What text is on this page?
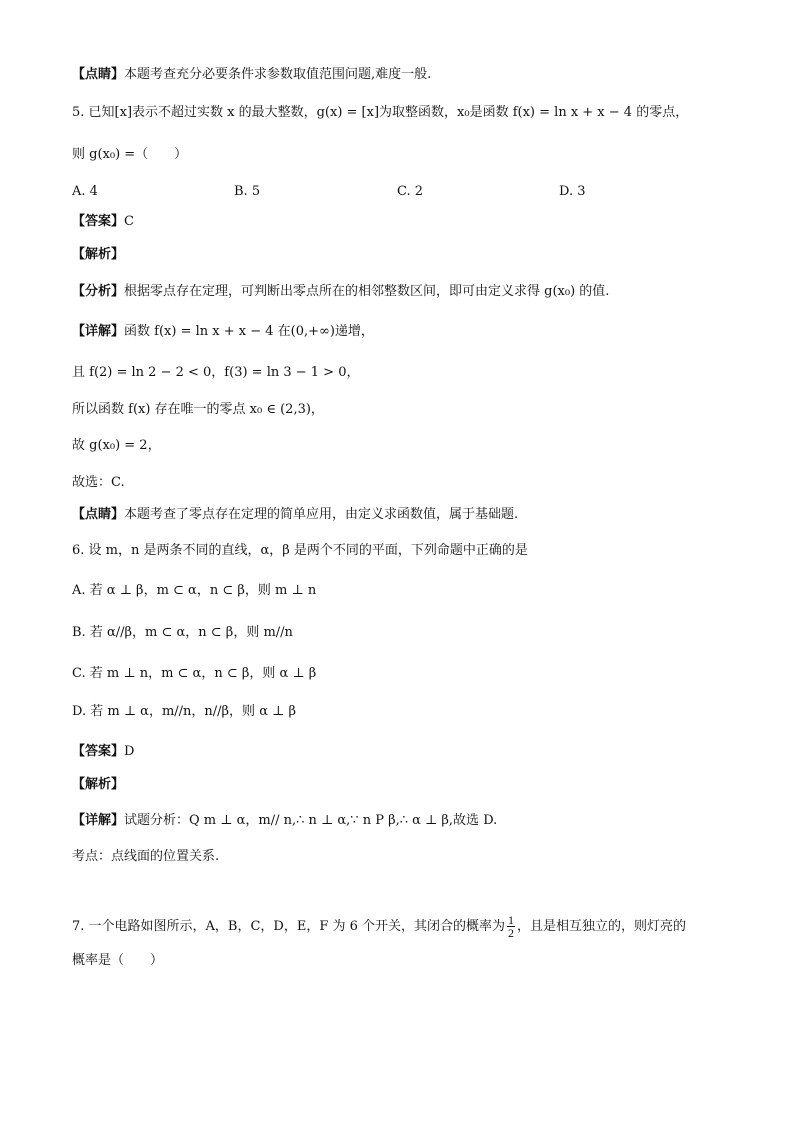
【点睛】本题考查充分必要条件求参数取值范围问题,难度一般.
5. 已知[x]表示不超过实数 x 的最大整数，g(x) = [x]为取整函数，x₀是函数 f(x) = ln x + x − 4 的零点，
则 g(x₀) =（　　）
A. 4	B. 5	C. 2	D. 3
【答案】C
【解析】
【分析】根据零点存在定理，可判断出零点所在的相邻整数区间，即可由定义求得 g(x₀) 的值.
【详解】函数 f(x) = ln x + x − 4 在(0,+∞)递增，
且 f(2) = ln 2 − 2 < 0，f(3) = ln 3 − 1 > 0，
所以函数 f(x) 存在唯一的零点 x₀ ∈ (2,3)，
故 g(x₀) = 2，
故选：C.
【点睛】本题考查了零点存在定理的简单应用，由定义求函数值，属于基础题.
6. 设 m，n 是两条不同的直线，α，β 是两个不同的平面，下列命题中正确的是
A. 若 α ⊥ β，m ⊂ α，n ⊂ β，则 m ⊥ n
B. 若 α//β，m ⊂ α，n ⊂ β，则 m//n
C. 若 m ⊥ n，m ⊂ α，n ⊂ β，则 α ⊥ β
D. 若 m ⊥ α，m//n，n//β，则 α ⊥ β
【答案】D
【解析】
【详解】试题分析：Q m ⊥ α，m// n,∴ n ⊥ α,∵ n P β,∴ α ⊥ β,故选 D.
考点：点线面的位置关系.
7. 一个电路如图所示，A，B，C，D，E，F 为 6 个开关，其闭合的概率为 $\frac{1}{2}$ ，且是相互独立的，则灯亮的
概率是（　　）
